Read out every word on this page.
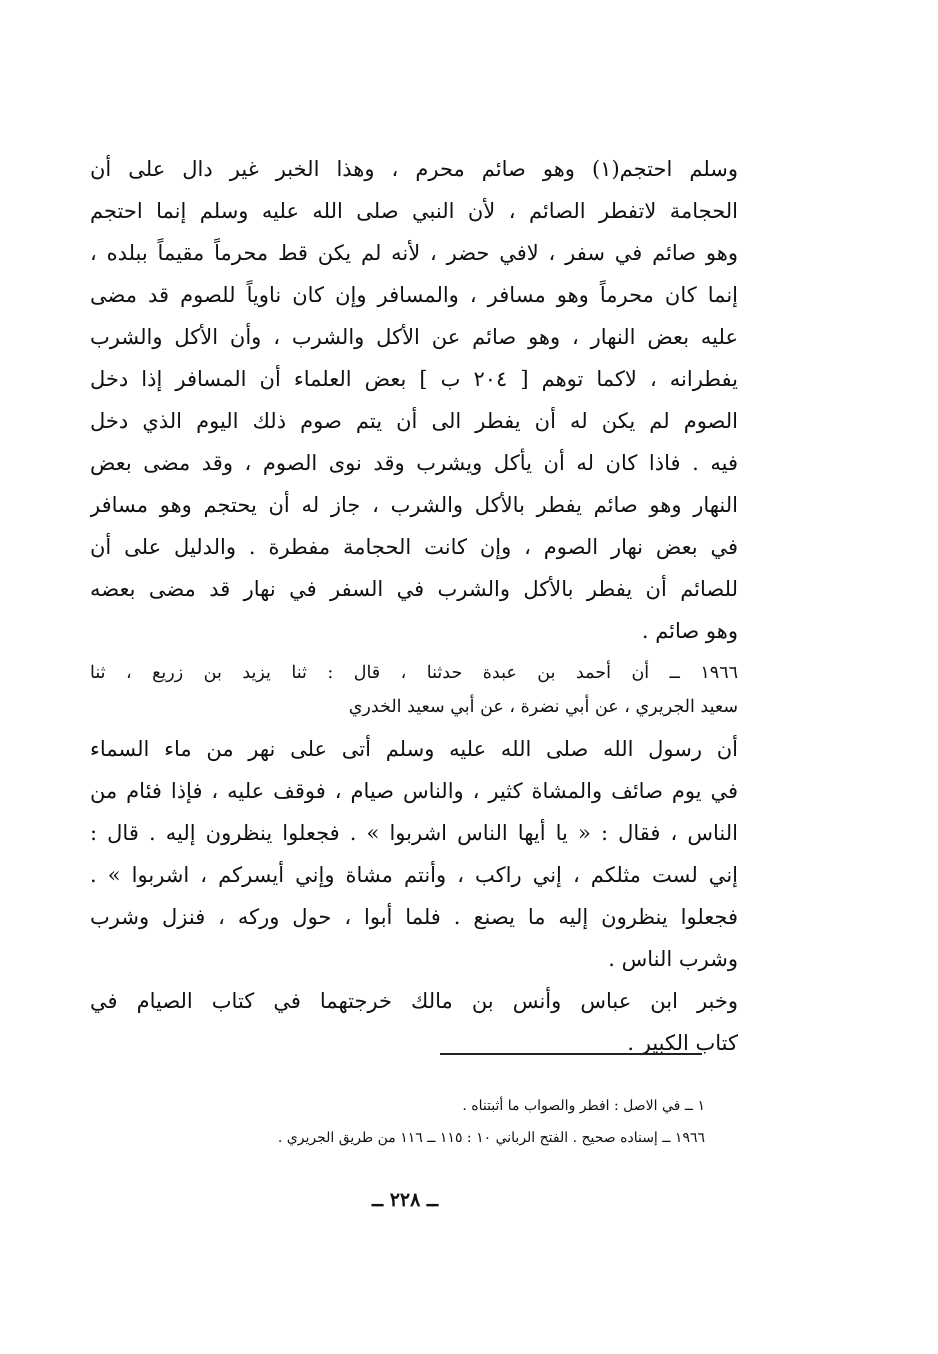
وسلم احتجم(١) وهو صائم محرم ، وهذا الخبر غير دال على أن
الحجامة لاتفطر الصائم ، لأن النبي صلى الله عليه وسلم إنما احتجم
وهو صائم في سفر ، لافي حضر ، لأنه لم يكن قط محرماً مقيماً ببلده ،
إنما كان محرماً وهو مسافر ، والمسافر وإن كان ناوياً للصوم قد مضى
عليه بعض النهار ، وهو صائم عن الأكل والشرب ، وأن الأكل والشرب
يفطرانه ، لاكما توهم [ ٢٠٤ ب ] بعض العلماء أن المسافر إذا دخل
الصوم لم يكن له أن يفطر الى أن يتم صوم ذلك اليوم الذي دخل
فيه . فاذا كان له أن يأكل ويشرب وقد نوى الصوم ، وقد مضى بعض
النهار وهو صائم يفطر بالأكل والشرب ، جاز له أن يحتجم وهو مسافر
في بعض نهار الصوم ، وإن كانت الحجامة مفطرة . والدليل على أن
للصائم أن يفطر بالأكل والشرب في السفر في نهار قد مضى بعضه
وهو صائم .
١٩٦٦ ــ أن أحمد بن عبدة حدثنا ، قال : ثنا يزيد بن زريع ، ثنا
سعيد الجريري ، عن أبي نضرة ، عن أبي سعيد الخدري
أن رسول الله صلى الله عليه وسلم أتى على نهر من ماء السماء
في يوم صائف والمشاة كثير ، والناس صيام ، فوقف عليه ، فإذا فئام من
الناس ، فقال : « يا أيها الناس اشربوا » . فجعلوا ينظرون إليه . قال :
إني لست مثلكم ، إني راكب ، وأنتم مشاة وإني أيسركم ، اشربوا » .
فجعلوا ينظرون إليه ما يصنع . فلما أبوا ، حول وركه ، فنزل وشرب
وشرب الناس .
وخبر ابن عباس وأنس بن مالك خرجتهما في كتاب الصيام في
كتاب الكبير .
١ ــ في الاصل : افطر والصواب ما أثبتناه .
١٩٦٦ ــ إسناده صحيح . الفتح الرباني ١٠ : ١١٥ ــ ١١٦ من طريق الجريري .
ــ ٢٢٨ ــ
